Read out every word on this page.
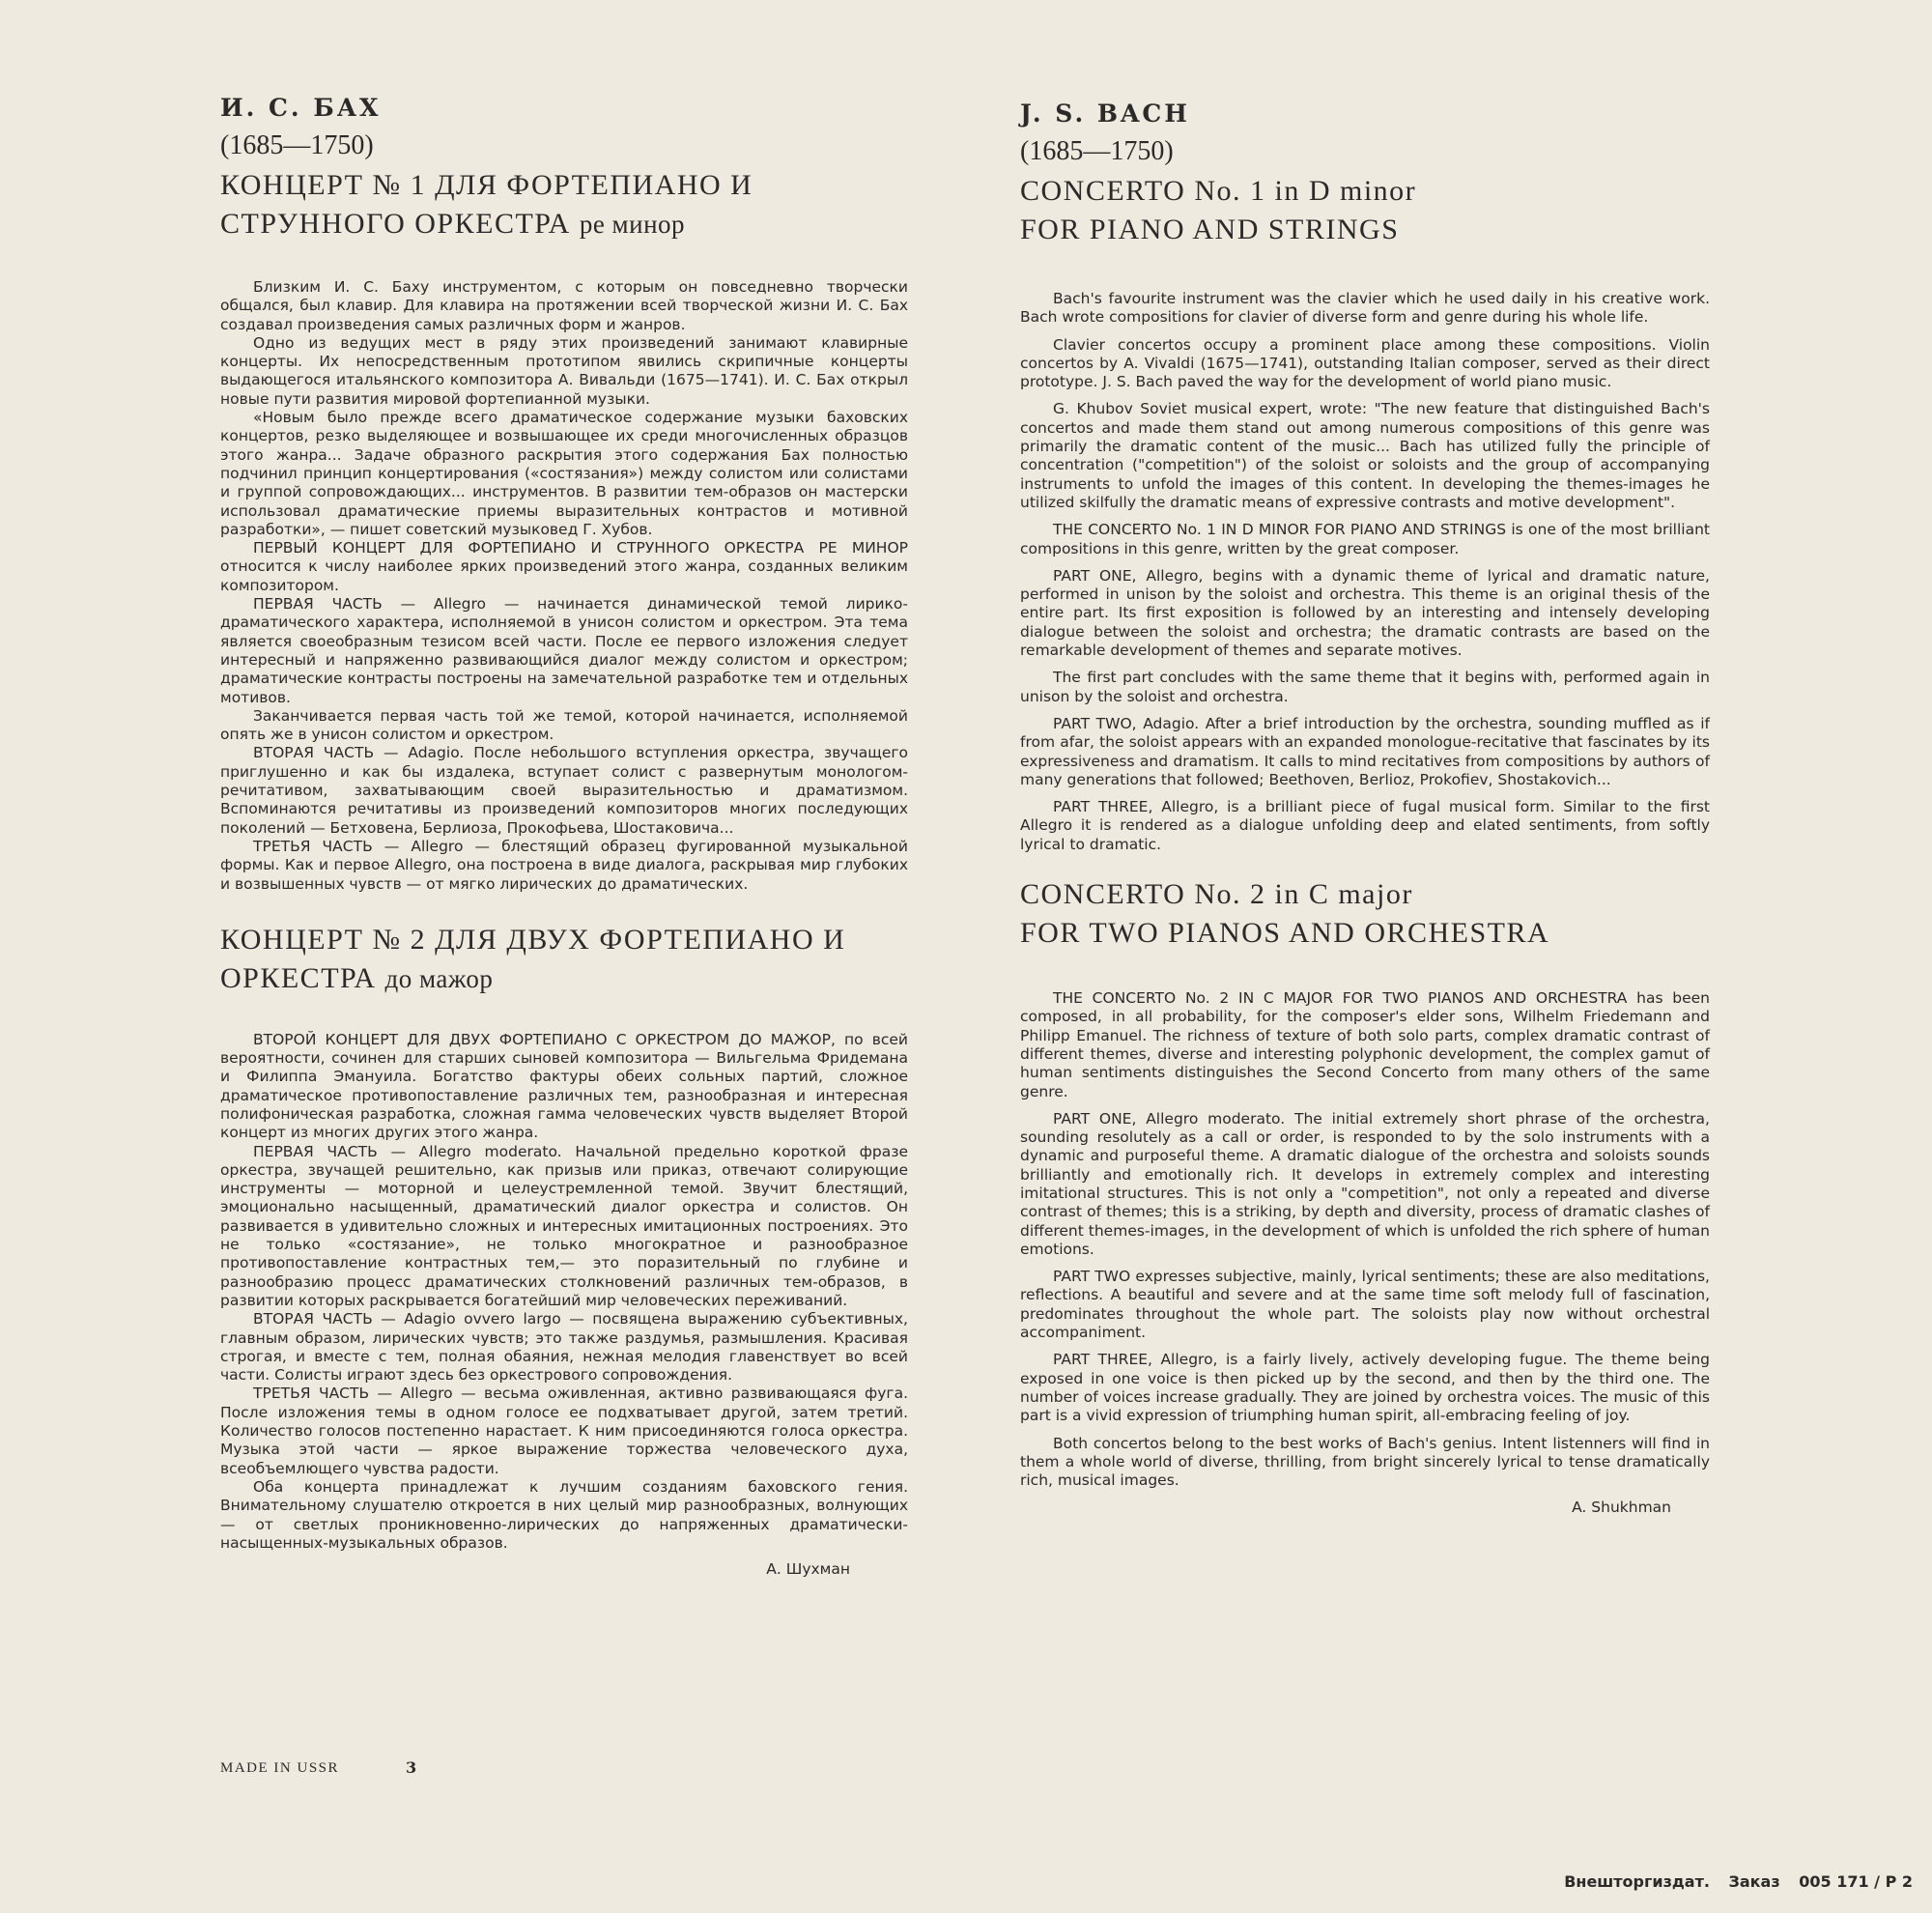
И. С. БАХ

(1685—1750)

КОНЦЕРТ № 1 ДЛЯ ФОРТЕПИАНО И СТРУННОГО ОРКЕСТРА ре минор

Близким И. С. Баху инструментом, с которым он повседневно творчески общался, был клавир. Для клавира на протяжении всей творческой жизни И. С. Бах создавал произведения самых различных форм и жанров.

Одно из ведущих мест в ряду этих произведений занимают клавирные концерты. Их непосредственным прототипом явились скрипичные концерты выдающегося итальянского композитора А. Вивальди (1675—1741). И. С. Бах открыл новые пути развития мировой фортепианной музыки.

«Новым было прежде всего драматическое содержание музыки баховских концертов, резко выделяющее и возвышающее их среди многочисленных образцов этого жанра... Задаче образного раскрытия этого содержания Бах полностью подчинил принцип концертирования («состязания») между солистом или солистами и группой сопровождающих... инструментов. В развитии тем-образов он мастерски использовал драматические приемы выразительных контрастов и мотивной разработки», — пишет советский музыковед Г. Хубов.

ПЕРВЫЙ КОНЦЕРТ ДЛЯ ФОРТЕПИАНО И СТРУННОГО ОРКЕСТРА РЕ МИНОР относится к числу наиболее ярких произведений этого жанра, созданных великим композитором.

ПЕРВАЯ ЧАСТЬ — Allegro — начинается динамической темой лирико-драматического характера, исполняемой в унисон солистом и оркестром. Эта тема является своеобразным тезисом всей части. После ее первого изложения следует интересный и напряженно развивающийся диалог между солистом и оркестром; драматические контрасты построены на замечательной разработке тем и отдельных мотивов.

Заканчивается первая часть той же темой, которой начинается, исполняемой опять же в унисон солистом и оркестром.

ВТОРАЯ ЧАСТЬ — Adagio. После небольшого вступления оркестра, звучащего приглушенно и как бы издалека, вступает солист с развернутым монологом-речитативом, захватывающим своей выразительностью и драматизмом. Вспоминаются речитативы из произведений композиторов многих последующих поколений — Бетховена, Берлиоза, Прокофьева, Шостаковича...

ТРЕТЬЯ ЧАСТЬ — Allegro — блестящий образец фугированной музыкальной формы. Как и первое Allegro, она построена в виде диалога, раскрывая мир глубоких и возвышенных чувств — от мягко лирических до драматических.

КОНЦЕРТ № 2 ДЛЯ ДВУХ ФОРТЕПИАНО И ОРКЕСТРА до мажор

ВТОРОЙ КОНЦЕРТ ДЛЯ ДВУХ ФОРТЕПИАНО С ОРКЕСТРОМ ДО МАЖОР, по всей вероятности, сочинен для старших сыновей композитора — Вильгельма Фридемана и Филиппа Эмануила. Богатство фактуры обеих сольных партий, сложное драматическое противопоставление различных тем, разнообразная и интересная полифоническая разработка, сложная гамма человеческих чувств выделяет Второй концерт из многих других этого жанра.

ПЕРВАЯ ЧАСТЬ — Allegro moderato. Начальной предельно короткой фразе оркестра, звучащей решительно, как призыв или приказ, отвечают солирующие инструменты — моторной и целеустремленной темой. Звучит блестящий, эмоционально насыщенный, драматический диалог оркестра и солистов. Он развивается в удивительно сложных и интересных имитационных построениях. Это не только «состязание», не только многократное и разнообразное противопоставление контрастных тем,— это поразительный по глубине и разнообразию процесс драматических столкновений различных тем-образов, в развитии которых раскрывается богатейший мир человеческих переживаний.

ВТОРАЯ ЧАСТЬ — Adagio ovvero largo — посвящена выражению субъективных, главным образом, лирических чувств; это также раздумья, размышления. Красивая строгая, и вместе с тем, полная обаяния, нежная мелодия главенствует во всей части. Солисты играют здесь без оркестрового сопровождения.

ТРЕТЬЯ ЧАСТЬ — Allegro — весьма оживленная, активно развивающаяся фуга. После изложения темы в одном голосе ее подхватывает другой, затем третий. Количество голосов постепенно нарастает. К ним присоединяются голоса оркестра. Музыка этой части — яркое выражение торжества человеческого духа, всеобъемлющего чувства радости.

Оба концерта принадлежат к лучшим созданиям баховского гения. Внимательному слушателю откроется в них целый мир разнообразных, волнующих — от светлых проникновенно-лирических до напряженных драматически-насыщенных-музыкальных образов.

А. Шухман

J. S. BACH

(1685—1750)

CONCERTO No. 1 in D minor

FOR PIANO AND STRINGS

Bach's favourite instrument was the clavier which he used daily in his creative work. Bach wrote compositions for clavier of diverse form and genre during his whole life.

Clavier concertos occupy a prominent place among these compositions. Violin concertos by A. Vivaldi (1675—1741), outstanding Italian composer, served as their direct prototype. J. S. Bach paved the way for the development of world piano music.

G. Khubov Soviet musical expert, wrote: "The new feature that distinguished Bach's concertos and made them stand out among numerous compositions of this genre was primarily the dramatic content of the music... Bach has utilized fully the principle of concentration ("competition") of the soloist or soloists and the group of accompanying instruments to unfold the images of this content. In developing the themes-images he utilized skilfully the dramatic means of expressive contrasts and motive development".

THE CONCERTO No. 1 IN D MINOR FOR PIANO AND STRINGS is one of the most brilliant compositions in this genre, written by the great composer.

PART ONE, Allegro, begins with a dynamic theme of lyrical and dramatic nature, performed in unison by the soloist and orchestra. This theme is an original thesis of the entire part. Its first exposition is followed by an interesting and intensely developing dialogue between the soloist and orchestra; the dramatic contrasts are based on the remarkable development of themes and separate motives.

The first part concludes with the same theme that it begins with, performed again in unison by the soloist and orchestra.

PART TWO, Adagio. After a brief introduction by the orchestra, sounding muffled as if from afar, the soloist appears with an expanded monologue-recitative that fascinates by its expressiveness and dramatism. It calls to mind recitatives from compositions by authors of many generations that followed; Beethoven, Berlioz, Prokofiev, Shostakovich...

PART THREE, Allegro, is a brilliant piece of fugal musical form. Similar to the first Allegro it is rendered as a dialogue unfolding deep and elated sentiments, from softly lyrical to dramatic.

CONCERTO No. 2 in C major

FOR TWO PIANOS AND ORCHESTRA

THE CONCERTO No. 2 IN C MAJOR FOR TWO PIANOS AND ORCHESTRA has been composed, in all probability, for the composer's elder sons, Wilhelm Friedemann and Philipp Emanuel. The richness of texture of both solo parts, complex dramatic contrast of different themes, diverse and interesting polyphonic development, the complex gamut of human sentiments distinguishes the Second Concerto from many others of the same genre.

PART ONE, Allegro moderato. The initial extremely short phrase of the orchestra, sounding resolutely as a call or order, is responded to by the solo instruments with a dynamic and purposeful theme. A dramatic dialogue of the orchestra and soloists sounds brilliantly and emotionally rich. It develops in extremely complex and interesting imitational structures. This is not only a "competition", not only a repeated and diverse contrast of themes; this is a striking, by depth and diversity, process of dramatic clashes of different themes-images, in the development of which is unfolded the rich sphere of human emotions.

PART TWO expresses subjective, mainly, lyrical sentiments; these are also meditations, reflections. A beautiful and severe and at the same time soft melody full of fascination, predominates throughout the whole part. The soloists play now without orchestral accompaniment.

PART THREE, Allegro, is a fairly lively, actively developing fugue. The theme being exposed in one voice is then picked up by the second, and then by the third one. The number of voices increase gradually. They are joined by orchestra voices. The music of this part is a vivid expression of triumphing human spirit, all-embracing feeling of joy.

Both concertos belong to the best works of Bach's genius. Intent listenners will find in them a whole world of diverse, thrilling, from bright sincerely lyrical to tense dramatically rich, musical images.

A. Shukhman

MADE IN USSR	3
Внешторгиздат. Заказ 005 171 / Р 2
